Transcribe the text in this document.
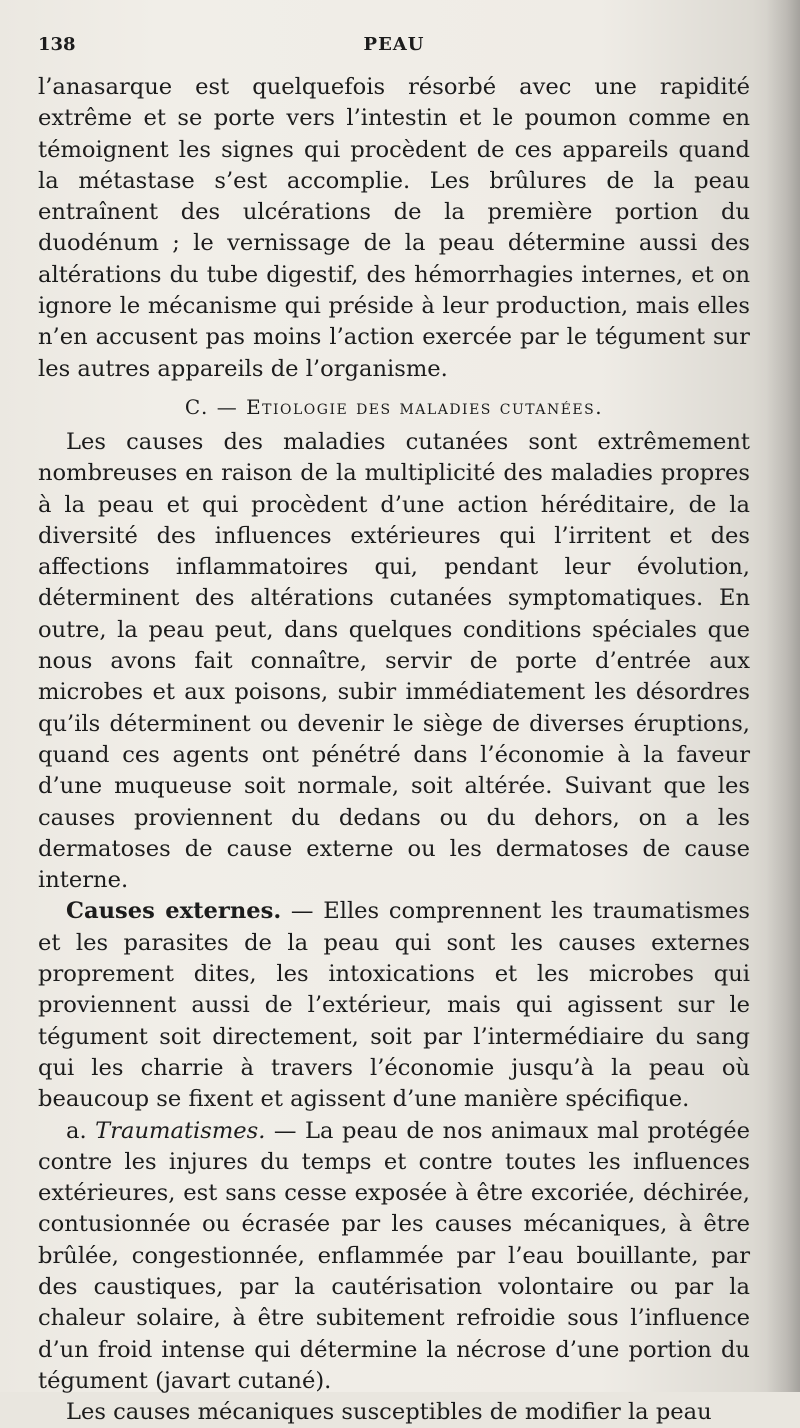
138	PEAU

l’anasarque est quelquefois résorbé avec une rapidité extrême et se porte vers l’intestin et le poumon comme en témoignent les signes qui procèdent de ces appareils quand la métastase s’est accomplie. Les brûlures de la peau entraînent des ulcérations de la première portion du duodénum ; le vernissage de la peau détermine aussi des altérations du tube digestif, des hémorrhagies internes, et on ignore le mécanisme qui préside à leur production, mais elles n’en accusent pas moins l’action exercée par le tégument sur les autres appareils de l’organisme.

C. — Etiologie des maladies cutanées.

Les causes des maladies cutanées sont extrêmement nombreuses en raison de la multiplicité des maladies propres à la peau et qui procèdent d’une action héréditaire, de la diversité des influences extérieures qui l’irritent et des affections inflammatoires qui, pendant leur évolution, déterminent des altérations cutanées symptomatiques. En outre, la peau peut, dans quelques conditions spéciales que nous avons fait connaître, servir de porte d’entrée aux microbes et aux poisons, subir immédiatement les désordres qu’ils déterminent ou devenir le siège de diverses éruptions, quand ces agents ont pénétré dans l’économie à la faveur d’une muqueuse soit normale, soit altérée. Suivant que les causes proviennent du dedans ou du dehors, on a les dermatoses de cause externe ou les dermatoses de cause interne.

Causes externes. — Elles comprennent les traumatismes et les parasites de la peau qui sont les causes externes proprement dites, les intoxications et les microbes qui proviennent aussi de l’extérieur, mais qui agissent sur le tégument soit directement, soit par l’intermédiaire du sang qui les charrie à travers l’économie jusqu’à la peau où beaucoup se fixent et agissent d’une manière spécifique.

a. Traumatismes. — La peau de nos animaux mal protégée contre les injures du temps et contre toutes les influences extérieures, est sans cesse exposée à être excoriée, déchirée, contusionnée ou écrasée par les causes mécaniques, à être brûlée, congestionnée, enflammée par l’eau bouillante, par des caustiques, par la cautérisation volontaire ou par la chaleur solaire, à être subitement refroidie sous l’influence d’un froid intense qui détermine la nécrose d’une portion du tégument (javart cutané).

Les causes mécaniques susceptibles de modifier la peau
